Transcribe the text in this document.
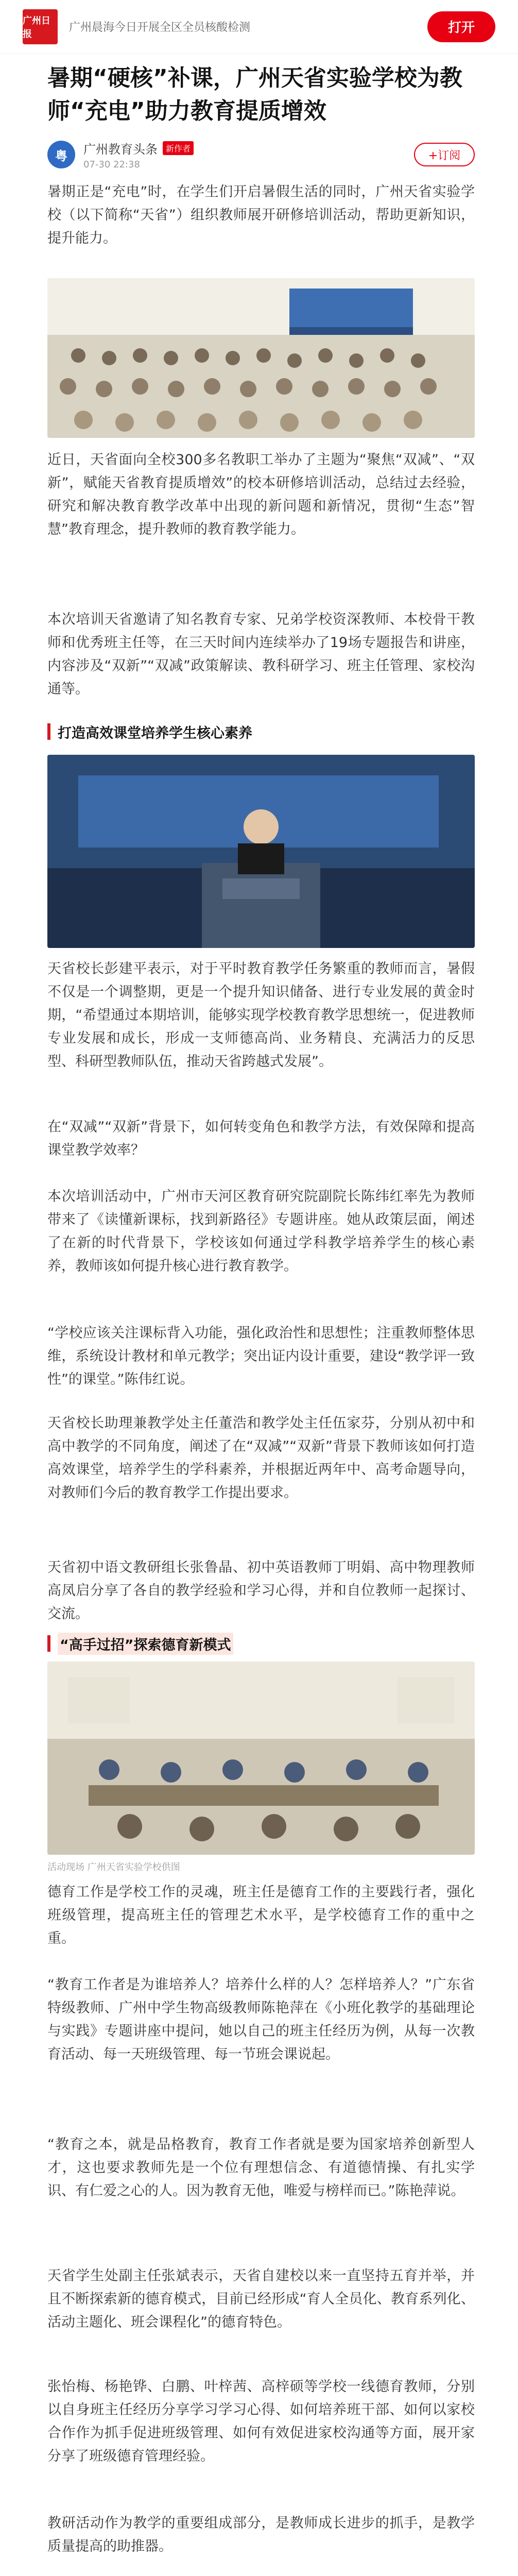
广州日报	广州晨海今日开展全区全员核酸检测	打开
暑期“硬核”补课，广州天省实验学校为教师“充电”助力教育提质增效
粤	广州教育头条	新作者
07-30 22:38
+订阅

暑期正是“充电”时，在学生们开启暑假生活的同时，广州天省实验学校（以下简称“天省”）组织教师展开研修培训活动，帮助更新知识，提升能力。

近日，天省面向全校300多名教职工举办了主题为“聚焦“双减”、“双新”，赋能天省教育提质增效”的校本研修培训活动，总结过去经验，研究和解决教育教学改革中出现的新问题和新情况，贯彻“生态”智慧”教育理念，提升教师的教育教学能力。

本次培训天省邀请了知名教育专家、兄弟学校资深教师、本校骨干教师和优秀班主任等，在三天时间内连续举办了19场专题报告和讲座，内容涉及“双新”“双减”政策解读、教科研学习、班主任管理、家校沟通等。

打造高效课堂培养学生核心素养

天省校长彭建平表示，对于平时教育教学任务繁重的教师而言，暑假不仅是一个调整期，更是一个提升知识储备、进行专业发展的黄金时期，“希望通过本期培训，能够实现学校教育教学思想统一，促进教师专业发展和成长，形成一支师德高尚、业务精良、充满活力的反思型、科研型教师队伍，推动天省跨越式发展”。

在“双减”“双新”背景下，如何转变角色和教学方法，有效保障和提高课堂教学效率？

本次培训活动中，广州市天河区教育研究院副院长陈纬红率先为教师带来了《读懂新课标，找到新路径》专题讲座。她从政策层面，阐述了在新的时代背景下，学校该如何通过学科教学培养学生的核心素养，教师该如何提升核心进行教育教学。

“学校应该关注课标背入功能，强化政治性和思想性；注重教师整体思维，系统设计教材和单元教学；突出证内设计重要，建设“教学评一致性”的课堂。”陈伟红说。

天省校长助理兼教学处主任董浩和教学处主任伍家芬，分别从初中和高中教学的不同角度，阐述了在“双减”“双新”背景下教师该如何打造高效课堂，培养学生的学科素养，并根据近两年中、高考命题导向，对教师们今后的教育教学工作提出要求。

天省初中语文教研组长张鲁晶、初中英语教师丁明娟、高中物理教师高凤启分享了各自的教学经验和学习心得，并和自位教师一起探讨、交流。

“高手过招”探索德育新模式
活动现场 广州天省实验学校供图

德育工作是学校工作的灵魂，班主任是德育工作的主要践行者，强化班级管理，提高班主任的管理艺术水平，是学校德育工作的重中之重。

“教育工作者是为谁培养人？培养什么样的人？怎样培养人？”广东省特级教师、广州中学生物高级教师陈艳萍在《小班化教学的基础理论与实践》专题讲座中提问，她以自己的班主任经历为例，从每一次教育活动、每一天班级管理、每一节班会课说起。

“教育之本，就是品格教育，教育工作者就是要为国家培养创新型人才，这也要求教师先是一个位有理想信念、有道德情操、有扎实学识、有仁爱之心的人。因为教育无他，唯爱与榜样而已。”陈艳萍说。

天省学生处副主任张斌表示，天省自建校以来一直坚持五育并举，并且不断探索新的德育模式，目前已经形成“育人全员化、教育系列化、活动主题化、班会课程化”的德育特色。

张怡梅、杨艳铧、白鹏、叶梓茜、高梓硕等学校一线德育教师，分别以自身班主任经历分享学习学习心得、如何培养班干部、如何以家校合作作为抓手促进班级管理、如何有效促进家校沟通等方面，展开家分享了班级德育管理经验。

教研活动作为教学的重要组成部分，是教师成长进步的抓手，是教学质量提高的助推器。
